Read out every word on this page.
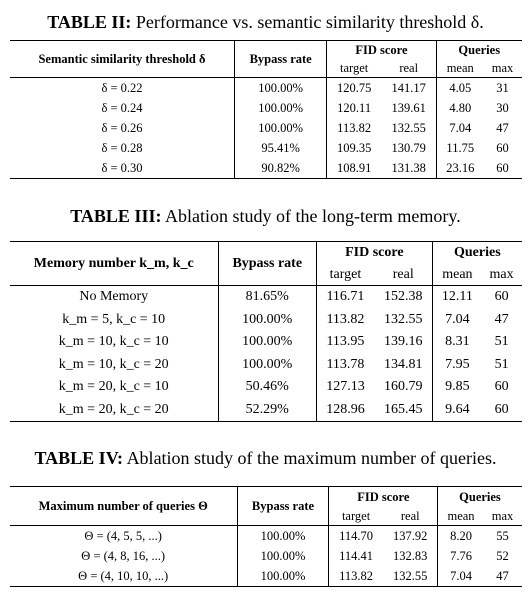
TABLE II: Performance vs. semantic similarity threshold δ.
Semantic similarity threshold δ	Bypass rate	FID score		Queries	
		target	real	mean	max
δ = 0.22	100.00%	120.75	141.17	4.05	31
δ = 0.24	100.00%	120.11	139.61	4.80	30
δ = 0.26	100.00%	113.82	132.55	7.04	47
δ = 0.28	95.41%	109.35	130.79	11.75	60
δ = 0.30	90.82%	108.91	131.38	23.16	60
TABLE III: Ablation study of the long-term memory.
Memory number k_m, k_c	Bypass rate	FID score		Queries	
		target	real	mean	max
No Memory	81.65%	116.71	152.38	12.11	60
k_m = 5, k_c = 10	100.00%	113.82	132.55	7.04	47
k_m = 10, k_c = 10	100.00%	113.95	139.16	8.31	51
k_m = 10, k_c = 20	100.00%	113.78	134.81	7.95	51
k_m = 20, k_c = 10	50.46%	127.13	160.79	9.85	60
k_m = 20, k_c = 20	52.29%	128.96	165.45	9.64	60
TABLE IV: Ablation study of the maximum number of queries.
Maximum number of queries Θ	Bypass rate	FID score		Queries	
		target	real	mean	max
Θ = (4, 5, 5, ...)	100.00%	114.70	137.92	8.20	55
Θ = (4, 8, 16, ...)	100.00%	114.41	132.83	7.76	52
Θ = (4, 10, 10, ...)	100.00%	113.82	132.55	7.04	47
